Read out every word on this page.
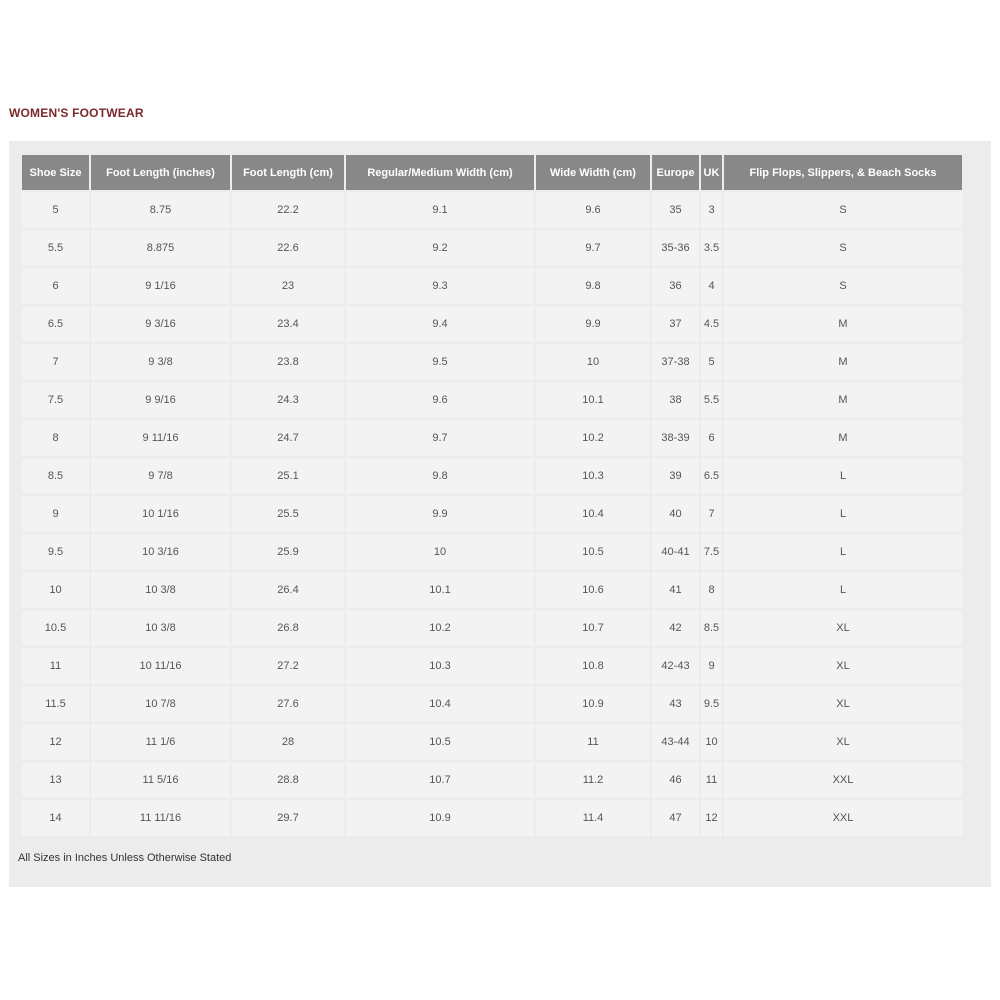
WOMEN'S FOOTWEAR
Shoe Size	Foot Length (inches)	Foot Length (cm)	Regular/Medium Width (cm)	Wide Width (cm)	Europe	UK	Flip Flops, Slippers, & Beach Socks
5	8.75	22.2	9.1	9.6	35	3	S
5.5	8.875	22.6	9.2	9.7	35-36	3.5	S
6	9 1/16	23	9.3	9.8	36	4	S
6.5	9 3/16	23.4	9.4	9.9	37	4.5	M
7	9 3/8	23.8	9.5	10	37-38	5	M
7.5	9 9/16	24.3	9.6	10.1	38	5.5	M
8	9 11/16	24.7	9.7	10.2	38-39	6	M
8.5	9 7/8	25.1	9.8	10.3	39	6.5	L
9	10 1/16	25.5	9.9	10.4	40	7	L
9.5	10 3/16	25.9	10	10.5	40-41	7.5	L
10	10 3/8	26.4	10.1	10.6	41	8	L
10.5	10 3/8	26.8	10.2	10.7	42	8.5	XL
11	10 11/16	27.2	10.3	10.8	42-43	9	XL
11.5	10 7/8	27.6	10.4	10.9	43	9.5	XL
12	11 1/6	28	10.5	11	43-44	10	XL
13	11 5/16	28.8	10.7	11.2	46	11	XXL
14	11 11/16	29.7	10.9	11.4	47	12	XXL
All Sizes in Inches Unless Otherwise Stated
